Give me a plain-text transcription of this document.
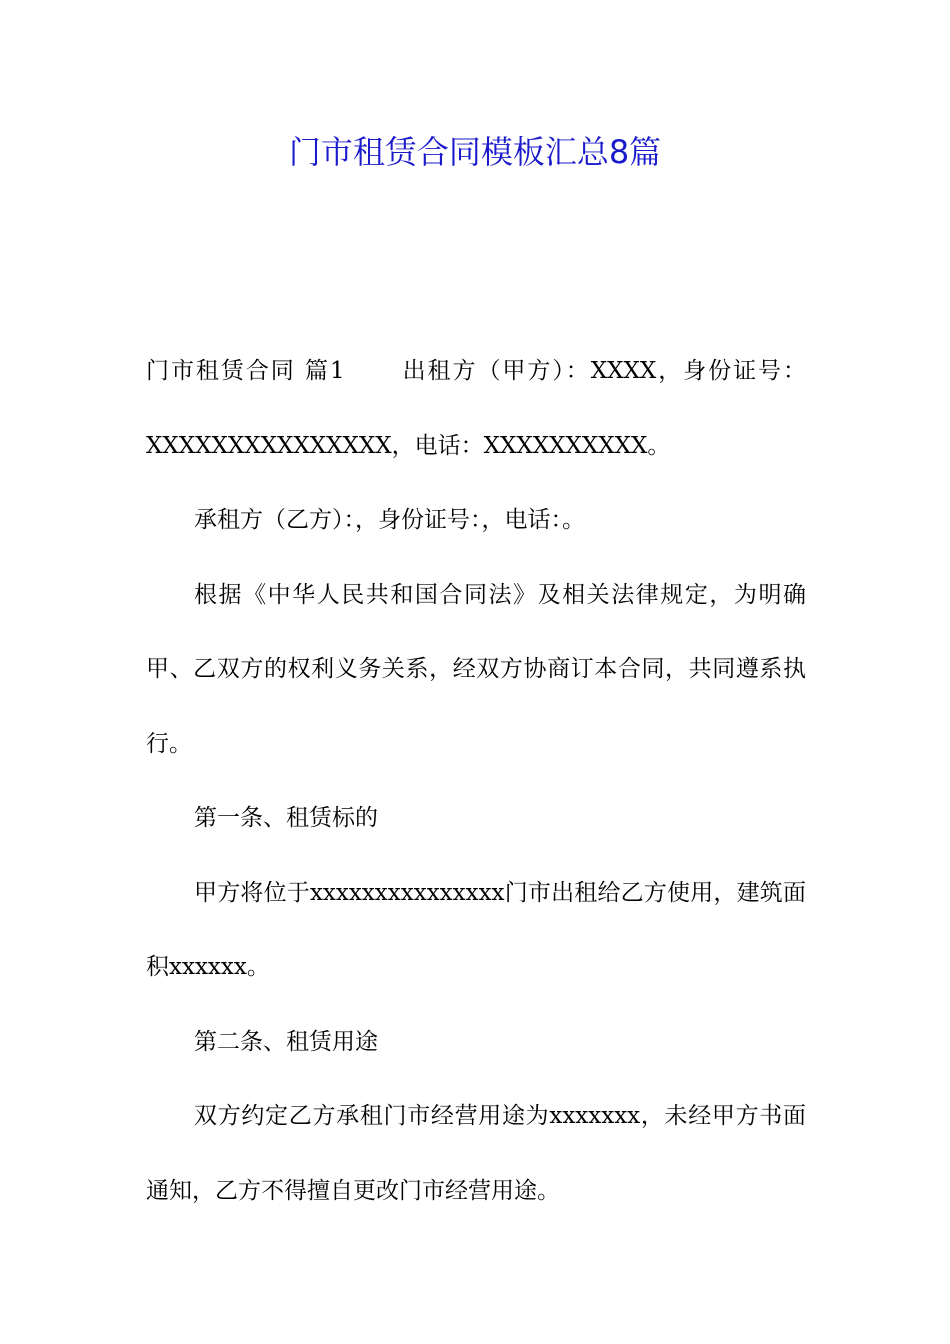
门市租赁合同模板汇总8篇

门市租赁合同 篇1 出租方（甲方）：XXXX，身份证号：XXXXXXXXXXXXXXX，电话：XXXXXXXXXX。

承租方（乙方）：，身份证号：，电话：。

根据《中华人民共和国合同法》及相关法律规定，为明确甲、乙双方的权利义务关系，经双方协商订本合同，共同遵系执行。

第一条、租赁标的

甲方将位于xxxxxxxxxxxxxxx门市出租给乙方使用，建筑面积xxxxxx。

第二条、租赁用途

双方约定乙方承租门市经营用途为xxxxxxx，未经甲方书面通知，乙方不得擅自更改门市经营用途。
